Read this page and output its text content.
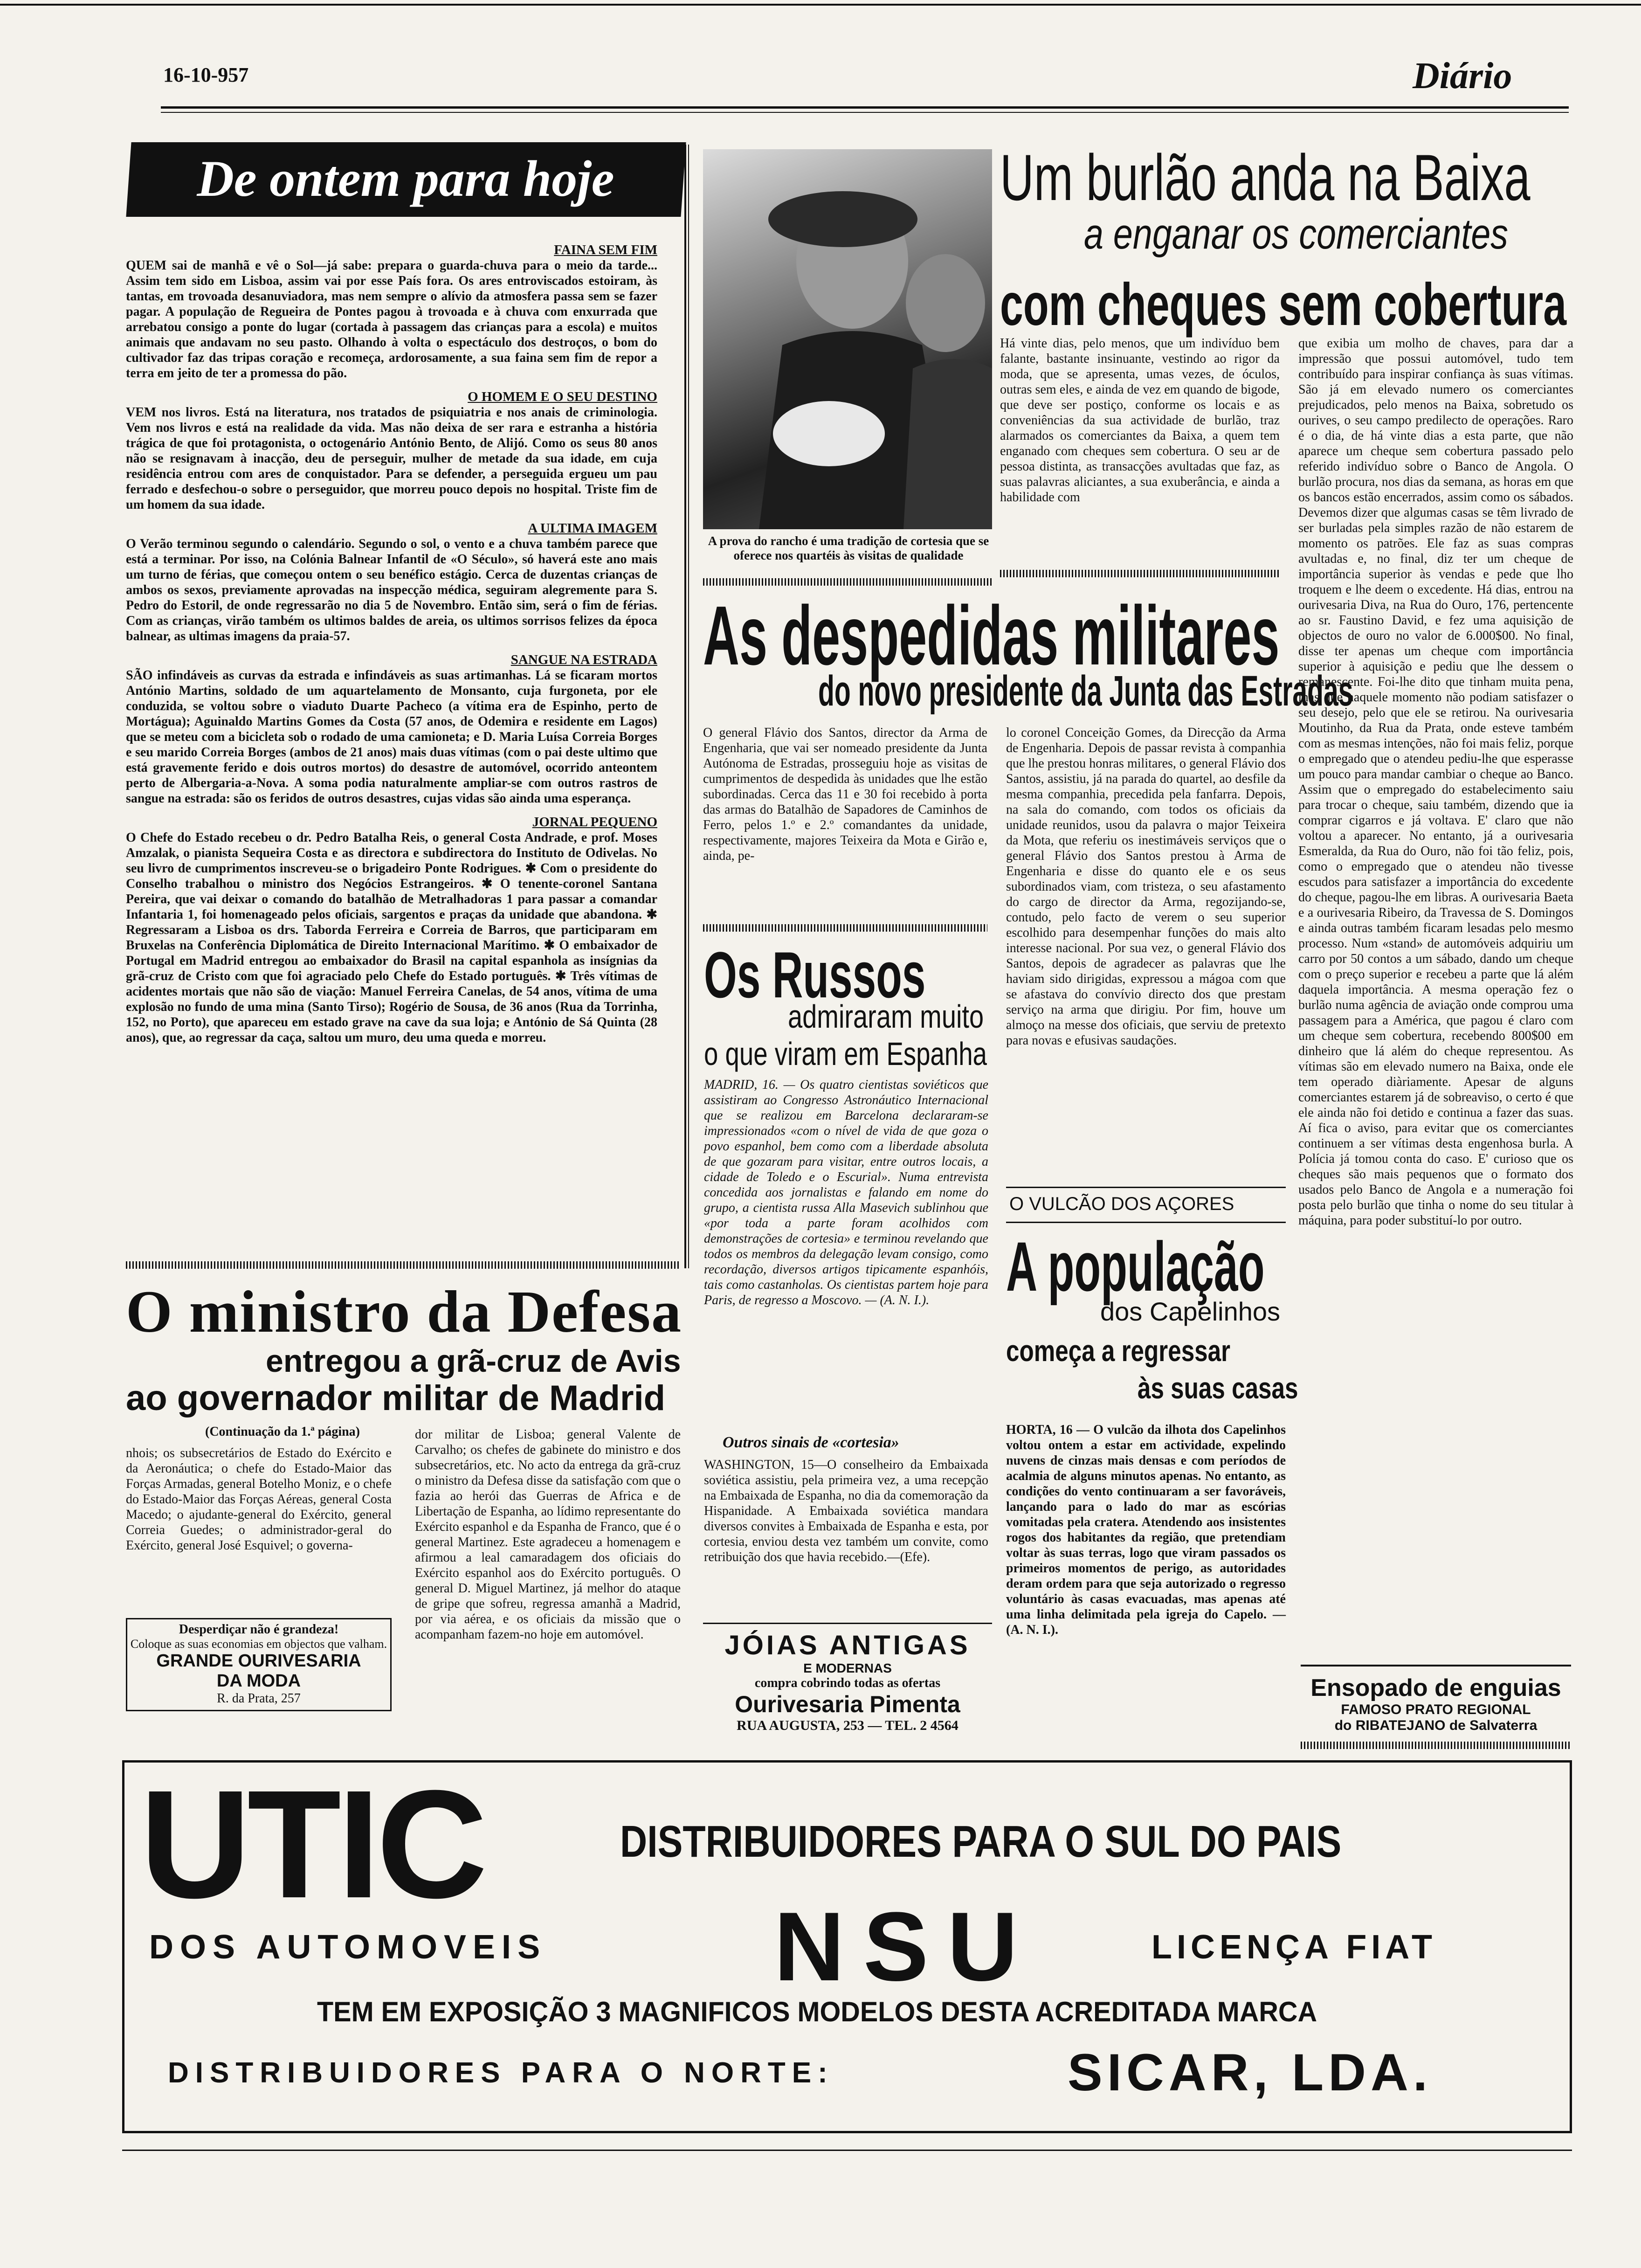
16-10-957	Diário
De ontem para hoje
FAINA SEM FIM
QUEM sai de manhã e vê o Sol—já sabe: prepara o guarda-chuva para o meio da tarde... Assim tem sido em Lisboa, assim vai por esse País fora. Os ares entroviscados estoiram, às tantas, em trovoada desanuviadora, mas nem sempre o alívio da atmosfera passa sem se fazer pagar. A população de Regueira de Pontes pagou à trovoada e à chuva com enxurrada que arrebatou consigo a ponte do lugar (cortada à passagem das crianças para a escola) e muitos animais que andavam no seu pasto. Olhando à volta o espectáculo dos destroços, o bom do cultivador faz das tripas coração e recomeça, ardorosamente, a sua faina sem fim de repor a terra em jeito de ter a promessa do pão.
O HOMEM E O SEU DESTINO
VEM nos livros. Está na literatura, nos tratados de psiquiatria e nos anais de criminologia. Vem nos livros e está na realidade da vida. Mas não deixa de ser rara e estranha a história trágica de que foi protagonista, o octogenário António Bento, de Alijó. Como os seus 80 anos não se resignavam à inacção, deu de perseguir, mulher de metade da sua idade, em cuja residência entrou com ares de conquistador. Para se defender, a perseguida ergueu um pau ferrado e desfechou-o sobre o perseguidor, que morreu pouco depois no hospital. Triste fim de um homem da sua idade.
A ULTIMA IMAGEM
O Verão terminou segundo o calendário. Segundo o sol, o vento e a chuva também parece que está a terminar. Por isso, na Colónia Balnear Infantil de «O Século», só haverá este ano mais um turno de férias, que começou ontem o seu benéfico estágio. Cerca de duzentas crianças de ambos os sexos, previamente aprovadas na inspecção médica, seguiram alegremente para S. Pedro do Estoril, de onde regressarão no dia 5 de Novembro. Então sim, será o fim de férias. Com as crianças, virão também os ultimos baldes de areia, os ultimos sorrisos felizes da época balnear, as ultimas imagens da praia-57.
SANGUE NA ESTRADA
SÃO infindáveis as curvas da estrada e infindáveis as suas artimanhas. Lá se ficaram mortos António Martins, soldado de um aquartelamento de Monsanto, cuja furgoneta, por ele conduzida, se voltou sobre o viaduto Duarte Pacheco (a vítima era de Espinho, perto de Mortágua); Aguinaldo Martins Gomes da Costa (57 anos, de Odemira e residente em Lagos) que se meteu com a bicicleta sob o rodado de uma camioneta; e D. Maria Luísa Correia Borges e seu marido Correia Borges (ambos de 21 anos) mais duas vítimas (com o pai deste ultimo que está gravemente ferido e dois outros mortos) do desastre de automóvel, ocorrido anteontem perto de Albergaria-a-Nova. A soma podia naturalmente ampliar-se com outros rastros de sangue na estrada: são os feridos de outros desastres, cujas vidas são ainda uma esperança.
JORNAL PEQUENO
O Chefe do Estado recebeu o dr. Pedro Batalha Reis, o general Costa Andrade, e prof. Moses Amzalak, o pianista Sequeira Costa e as directora e subdirectora do Instituto de Odivelas. No seu livro de cumprimentos inscreveu-se o brigadeiro Ponte Rodrigues. ✱ Com o presidente do Conselho trabalhou o ministro dos Negócios Estrangeiros. ✱ O tenente-coronel Santana Pereira, que vai deixar o comando do batalhão de Metralhadoras 1 para passar a comandar Infantaria 1, foi homenageado pelos oficiais, sargentos e praças da unidade que abandona. ✱ Regressaram a Lisboa os drs. Taborda Ferreira e Correia de Barros, que participaram em Bruxelas na Conferência Diplomática de Direito Internacional Marítimo. ✱ O embaixador de Portugal em Madrid entregou ao embaixador do Brasil na capital espanhola as insígnias da grã-cruz de Cristo com que foi agraciado pelo Chefe do Estado português. ✱ Três vítimas de acidentes mortais que não são de viação: Manuel Ferreira Canelas, de 54 anos, vítima de uma explosão no fundo de uma mina (Santo Tirso); Rogério de Sousa, de 36 anos (Rua da Torrinha, 152, no Porto), que apareceu em estado grave na cave da sua loja; e António de Sá Quinta (28 anos), que, ao regressar da caça, saltou um muro, deu uma queda e morreu.
O ministro da Defesa
entregou a grã-cruz de Avis
ao governador militar de Madrid
(Continuação da 1.ª página)
nhois; os subsecretários de Estado do Exército e da Aeronáutica; o chefe do Estado-Maior das Forças Armadas, general Botelho Moniz, e o chefe do Estado-Maior das Forças Aéreas, general Costa Macedo; o ajudante-general do Exército, general Correia Guedes; o administrador-geral do Exército, general José Esquivel; o governa-
dor militar de Lisboa; general Valente de Carvalho; os chefes de gabinete do ministro e dos subsecretários, etc. No acto da entrega da grã-cruz o ministro da Defesa disse da satisfação com que o fazia ao herói das Guerras de Africa e de Libertação de Espanha, ao lídimo representante do Exército espanhol e da Espanha de Franco, que é o general Martinez. Este agradeceu a homenagem e afirmou a leal camaradagem dos oficiais do Exército espanhol aos do Exército português. O general D. Miguel Martinez, já melhor do ataque de gripe que sofreu, regressa amanhã a Madrid, por via aérea, e os oficiais da missão que o acompanham fazem-no hoje em automóvel.
Desperdiçar não é grandeza!
Coloque as suas economias em objectos que valham.
GRANDE OURIVESARIA
DA MODA
R. da Prata, 257
A prova do rancho é uma tradição de cortesia que se oferece nos quartéis às visitas de qualidade
Um burlão anda na Baixa
a enganar os comerciantes
com cheques sem cobertura
Há vinte dias, pelo menos, que um indivíduo bem falante, bastante insinuante, vestindo ao rigor da moda, que se apresenta, umas vezes, de óculos, outras sem eles, e ainda de vez em quando de bigode, que deve ser postiço, conforme os locais e as conveniências da sua actividade de burlão, traz alarmados os comerciantes da Baixa, a quem tem enganado com cheques sem cobertura. O seu ar de pessoa distinta, as transacções avultadas que faz, as suas palavras aliciantes, a sua exuberância, e ainda a habilidade com
que exibia um molho de chaves, para dar a impressão que possui automóvel, tudo tem contribuído para inspirar confiança às suas vítimas. São já em elevado numero os comerciantes prejudicados, pelo menos na Baixa, sobretudo os ourives, o seu campo predilecto de operações. Raro é o dia, de há vinte dias a esta parte, que não aparece um cheque sem cobertura passado pelo referido indivíduo sobre o Banco de Angola. O burlão procura, nos dias da semana, as horas em que os bancos estão encerrados, assim como os sábados. Devemos dizer que algumas casas se têm livrado de ser burladas pela simples razão de não estarem de momento os patrões. Ele faz as suas compras avultadas e, no final, diz ter um cheque de importância superior às vendas e pede que lho troquem e lhe deem o excedente. Há dias, entrou na ourivesaria Diva, na Rua do Ouro, 176, pertencente ao sr. Faustino David, e fez uma aquisição de objectos de ouro no valor de 6.000$00. No final, disse ter apenas um cheque com importância superior à aquisição e pediu que lhe dessem o remanescente. Foi-lhe dito que tinham muita pena, mas que naquele momento não podiam satisfazer o seu desejo, pelo que ele se retirou. Na ourivesaria Moutinho, da Rua da Prata, onde esteve também com as mesmas intenções, não foi mais feliz, porque o empregado que o atendeu pediu-lhe que esperasse um pouco para mandar cambiar o cheque ao Banco. Assim que o empregado do estabelecimento saiu para trocar o cheque, saiu também, dizendo que ia comprar cigarros e já voltava. E' claro que não voltou a aparecer. No entanto, já a ourivesaria Esmeralda, da Rua do Ouro, não foi tão feliz, pois, como o empregado que o atendeu não tivesse escudos para satisfazer a importância do excedente do cheque, pagou-lhe em libras. A ourivesaria Baeta e a ourivesaria Ribeiro, da Travessa de S. Domingos e ainda outras também ficaram lesadas pelo mesmo processo. Num «stand» de automóveis adquiriu um carro por 50 contos a um sábado, dando um cheque com o preço superior e recebeu a parte que lá além daquela importância. A mesma operação fez o burlão numa agência de aviação onde comprou uma passagem para a América, que pagou é claro com um cheque sem cobertura, recebendo 800$00 em dinheiro que lá além do cheque representou. As vítimas são em elevado numero na Baixa, onde ele tem operado diàriamente. Apesar de alguns comerciantes estarem já de sobreaviso, o certo é que ele ainda não foi detido e continua a fazer das suas. Aí fica o aviso, para evitar que os comerciantes continuem a ser vítimas desta engenhosa burla. A Polícia já tomou conta do caso. E' curioso que os cheques são mais pequenos que o formato dos usados pelo Banco de Angola e a numeração foi posta pelo burlão que tinha o nome do seu titular à máquina, para poder substituí-lo por outro.
As despedidas militares
do novo presidente da Junta das Estradas
O general Flávio dos Santos, director da Arma de Engenharia, que vai ser nomeado presidente da Junta Autónoma de Estradas, prosseguiu hoje as visitas de cumprimentos de despedida às unidades que lhe estão subordinadas. Cerca das 11 e 30 foi recebido à porta das armas do Batalhão de Sapadores de Caminhos de Ferro, pelos 1.º e 2.º comandantes da unidade, respectivamente, majores Teixeira da Mota e Girão e, ainda, pe-
lo coronel Conceição Gomes, da Direcção da Arma de Engenharia. Depois de passar revista à companhia que lhe prestou honras militares, o general Flávio dos Santos, assistiu, já na parada do quartel, ao desfile da mesma companhia, precedida pela fanfarra. Depois, na sala do comando, com todos os oficiais da unidade reunidos, usou da palavra o major Teixeira da Mota, que referiu os inestimáveis serviços que o general Flávio dos Santos prestou à Arma de Engenharia e disse do quanto ele e os seus subordinados viam, com tristeza, o seu afastamento do cargo de director da Arma, regozijando-se, contudo, pelo facto de verem o seu superior escolhido para desempenhar funções do mais alto interesse nacional. Por sua vez, o general Flávio dos Santos, depois de agradecer as palavras que lhe haviam sido dirigidas, expressou a mágoa com que se afastava do convívio directo dos que prestam serviço na arma que dirigiu. Por fim, houve um almoço na messe dos oficiais, que serviu de pretexto para novas e efusivas saudações.
Os Russos
admiraram muito
o que viram em Espanha
MADRID, 16. — Os quatro cientistas soviéticos que assistiram ao Congresso Astronáutico Internacional que se realizou em Barcelona declararam-se impressionados «com o nível de vida de que goza o povo espanhol, bem como com a liberdade absoluta de que gozaram para visitar, entre outros locais, a cidade de Toledo e o Escurial». Numa entrevista concedida aos jornalistas e falando em nome do grupo, a cientista russa Alla Masevich sublinhou que «por toda a parte foram acolhidos com demonstrações de cortesia» e terminou revelando que todos os membros da delegação levam consigo, como recordação, diversos artigos tipicamente espanhóis, tais como castanholas. Os cientistas partem hoje para Paris, de regresso a Moscovo. — (A. N. I.).
Outros sinais de «cortesia»
WASHINGTON, 15—O conselheiro da Embaixada soviética assistiu, pela primeira vez, a uma recepção na Embaixada de Espanha, no dia da comemoração da Hispanidade. A Embaixada soviética mandara diversos convites à Embaixada de Espanha e esta, por cortesia, enviou desta vez também um convite, como retribuição dos que havia recebido.—(Efe).
JÓIAS ANTIGAS
E MODERNAS
compra cobrindo todas as ofertas
Ourivesaria Pimenta
RUA AUGUSTA, 253 — TEL. 2 4564
O VULCÃO DOS AÇORES
A população
dos Capelinhos
começa a regressar
às suas casas
HORTA, 16 — O vulcão da ilhota dos Capelinhos voltou ontem a estar em actividade, expelindo nuvens de cinzas mais densas e com períodos de acalmia de alguns minutos apenas. No entanto, as condições do vento continuaram a ser favoráveis, lançando para o lado do mar as escórias vomitadas pela cratera. Atendendo aos insistentes rogos dos habitantes da região, que pretendiam voltar às suas terras, logo que viram passados os primeiros momentos de perigo, as autoridades deram ordem para que seja autorizado o regresso voluntário às casas evacuadas, mas apenas até uma linha delimitada pela igreja do Capelo. — (A. N. I.).
Ensopado de enguias
FAMOSO PRATO REGIONAL
do RIBATEJANO de Salvaterra
UTIC	DISTRIBUIDORES PARA O SUL DO PAIS
DOS AUTOMOVEIS NSU	LICENÇA FIAT
TEM EM EXPOSIÇÃO 3 MAGNIFICOS MODELOS DESTA ACREDITADA MARCA
DISTRIBUIDORES PARA O NORTE:	SICAR, LDA.
